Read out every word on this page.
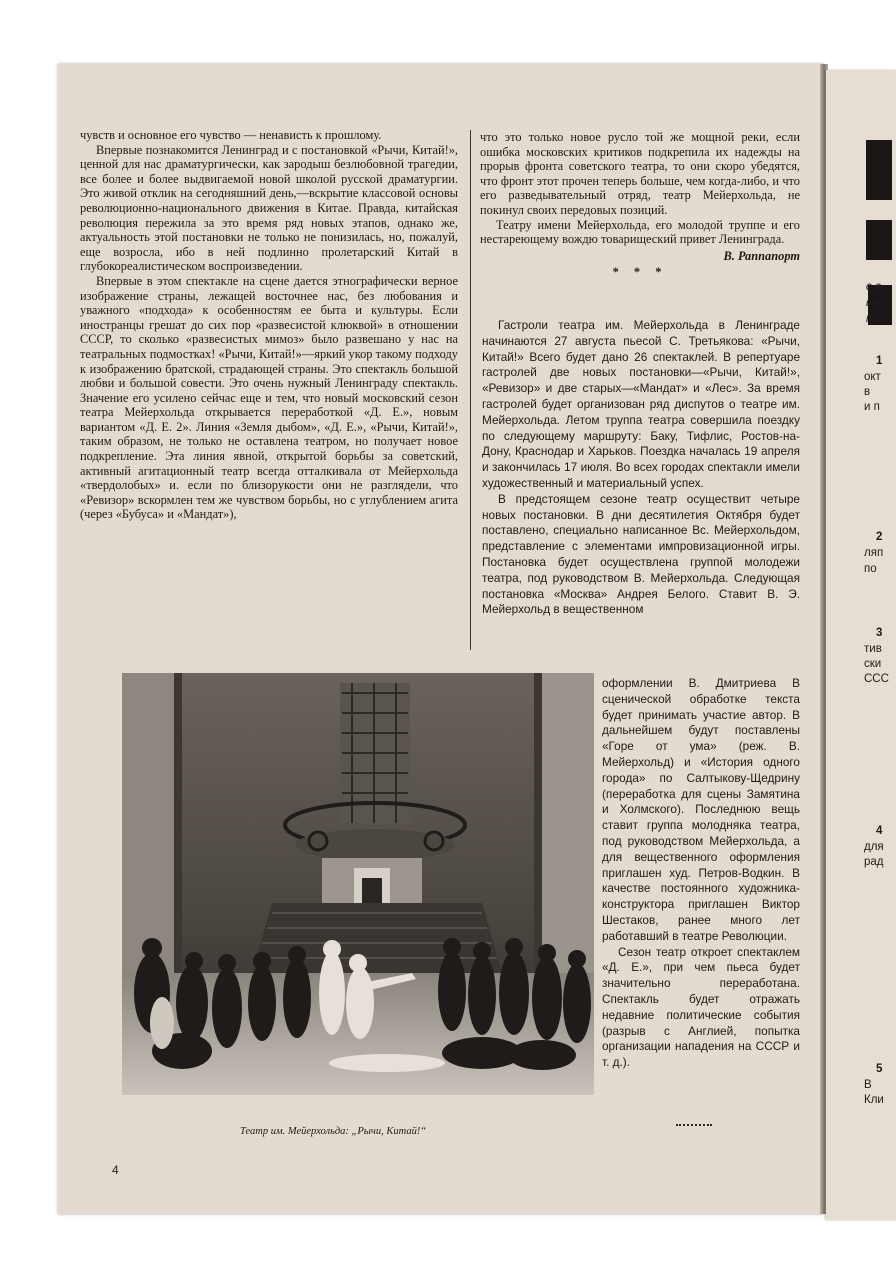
с в
вет
про
1
окт
в
и п
2
ляп
по
3
тив
ски
ССС
4
для
рад
5
В
Кли

чувств и основное его чувство — ненависть к прошлому.

Впервые познакомится Ленинград и с постановкой «Рычи, Китай!», ценной для нас драматургически, как зародыш безлюбовной трагедии, все более и более выдвигаемой новой школой русской драматургии. Это живой отклик на сегодняшний день,—вскрытие классовой основы революционно-национального движения в Китае. Правда, китайская революция пережила за это время ряд новых этапов, однако же, актуальность этой постановки не только не понизилась, но, пожалуй, еще возросла, ибо в ней подлинно пролетарский Китай в глубокореалистическом воспроизведении.

Впервые в этом спектакле на сцене дается этнографически верное изображение страны, лежащей восточнее нас, без любования и уважного «подхода» к особенностям ее быта и культуры. Если иностранцы грешат до сих пор «развесистой клюквой» в отношении СССР, то сколько «развесистых мимоз» было развешано у нас на театральных подмостках! «Рычи, Китай!»—яркий укор такому подходу к изображению братской, страдающей страны. Это спектакль большой любви и большой совести. Это очень нужный Ленинграду спектакль. Значение его усилено сейчас еще и тем, что новый московский сезон театра Мейерхольда открывается переработкой «Д. Е.», новым вариантом «Д. Е. 2». Линия «Земля дыбом», «Д. Е.», «Рычи, Китай!», таким образом, не только не оставлена театром, но получает новое подкрепление. Эта линия явной, открытой борьбы за советский, активный агитационный театр всегда отталкивала от Мейерхольда «твердолобых» и. если по близорукости они не разглядели, что «Ревизор» вскормлен тем же чувством борьбы, но с углублением агита (через «Бубуса» и «Мандат»),

что это только новое русло той же мощной реки, если ошибка московских критиков подкрепила их надежды на прорыв фронта советского театра, то они скоро убедятся, что фронт этот прочен теперь больше, чем когда-либо, и что его разведывательный отряд, театр Мейерхольда, не покинул своих передовых позиций.

Театру имени Мейерхольда, его молодой труппе и его нестареющему вождю товарищеский привет Ленинграда.

В. Раппапорт
* * *

Гастроли театра им. Мейерхольда в Ленинграде начинаются 27 августа пьесой С. Третьякова: «Рычи, Китай!» Всего будет дано 26 спектаклей. В репертуаре гастролей две новых постановки—«Рычи, Китай!», «Ревизор» и две старых—«Мандат» и «Лес». За время гастролей будет организован ряд диспутов о театре им. Мейерхольда. Летом труппа театра совершила поездку по следующему маршруту: Баку, Тифлис, Ростов-на-Дону, Краснодар и Харьков. Поездка началась 19 апреля и закончилась 17 июля. Во всех городах спектакли имели художественный и материальный успех.

В предстоящем сезоне театр осуществит четыре новых постановки. В дни десятилетия Октября будет поставлено, специально написанное Вс. Мейерхольдом, представление с элементами импровизационной игры. Постановка будет осуществлена группой молодежи театра, под руководством В. Мейерхольда. Следующая постановка «Москва» Андрея Белого. Ставит В. Э. Мейерхольд в вещественном

оформлении В. Дмитриева В сценической обработке текста будет принимать участие автор. В дальнейшем будут поставлены «Горе от ума» (реж. В. Мейерхольд) и «История одного города» по Салтыкову-Щедрину (переработка для сцены Замятина и Холмского). Последнюю вещь ставит группа молодняка театра, под руководством Мейерхольда, а для вещественного оформления приглашен худ. Петров-Водкин. В качестве постоянного художника-конструктора приглашен Виктор Шестаков, ранее много лет работавший в театре Революции.

Сезон театр откроет спектаклем «Д. Е.», при чем пьеса будет значительно переработана. Спектакль будет отражать недавние политические события (разрыв с Англией, попытка организации нападения на СССР и т. д.).

Театр им. Мейерхольда: „Рычи, Китай!“
4
